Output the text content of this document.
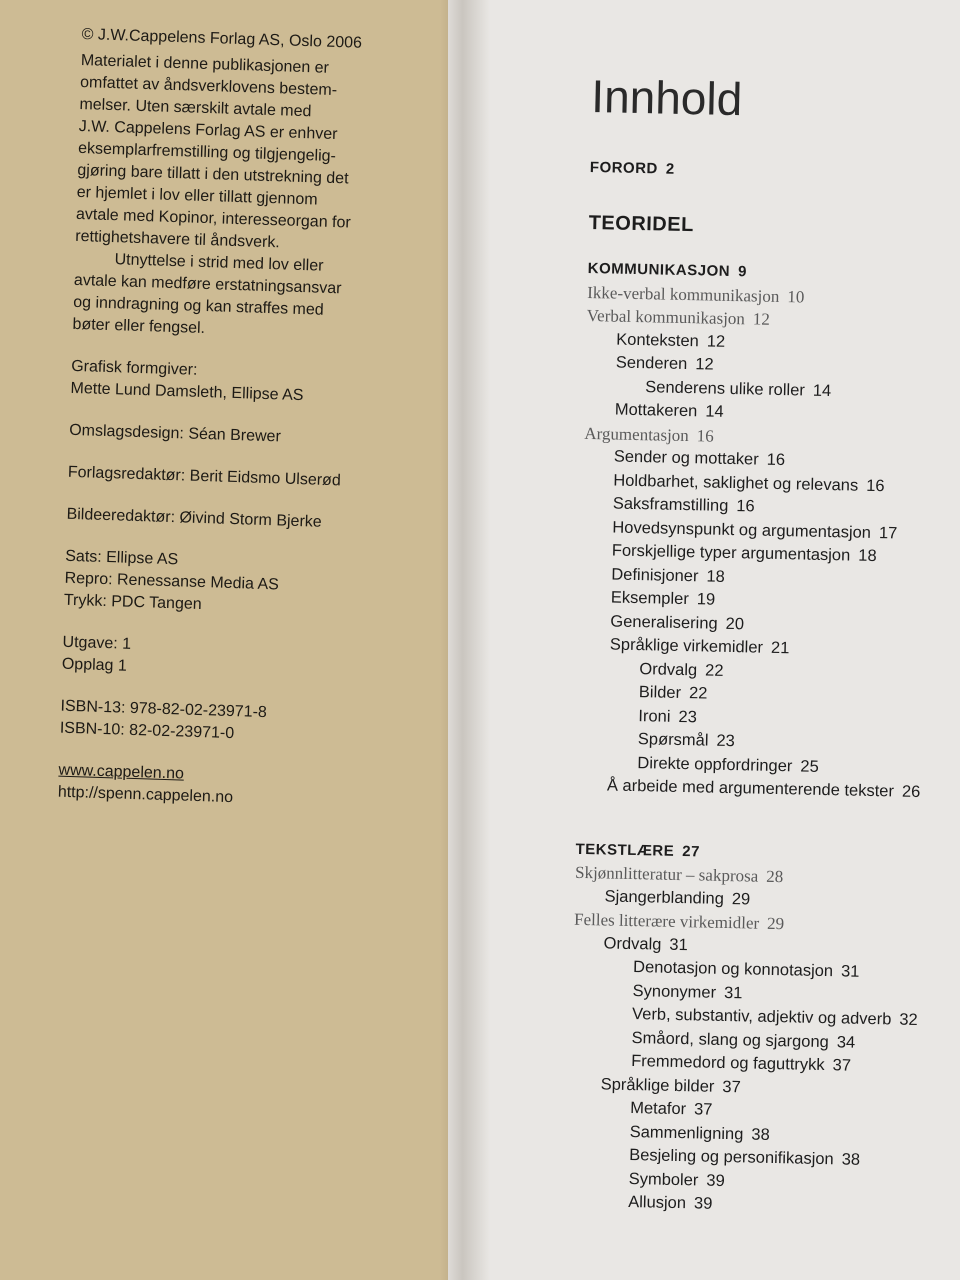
© J.W.Cappelens Forlag AS, Oslo 2006

Materialet i denne publikasjonen er

omfattet av åndsverklovens bestem-

melser. Uten særskilt avtale med

J.W. Cappelens Forlag AS er enhver

eksemplarfremstilling og tilgjengelig-

gjøring bare tillatt i den utstrekning det

er hjemlet i lov eller tillatt gjennom

avtale med Kopinor, interesseorgan for

rettighetshavere til åndsverk.

Utnyttelse i strid med lov eller

avtale kan medføre erstatningsansvar

og inndragning og kan straffes med

bøter eller fengsel.

Grafisk formgiver:

Mette Lund Damsleth, Ellipse AS

Omslagsdesign: Séan Brewer

Forlagsredaktør: Berit Eidsmo Ulserød

Bildeeredaktør: Øivind Storm Bjerke

Sats: Ellipse AS

Repro: Renessanse Media AS

Trykk: PDC Tangen

Utgave: 1

Opplag 1

ISBN-13: 978-82-02-23971-8

ISBN-10: 82-02-23971-0

www.cappelen.no

http://spenn.cappelen.no

Innhold
FORORD 2
TEORIDEL
KOMMUNIKASJON 9
Ikke-verbal kommunikasjon 10
Verbal kommunikasjon 12
Konteksten 12
Senderen 12
Senderens ulike roller 14
Mottakeren 14
Argumentasjon 16
Sender og mottaker 16
Holdbarhet, saklighet og relevans 16
Saksframstilling 16
Hovedsynspunkt og argumentasjon 17
Forskjellige typer argumentasjon 18
Definisjoner 18
Eksempler 19
Generalisering 20
Språklige virkemidler 21
Ordvalg 22
Bilder 22
Ironi 23
Spørsmål 23
Direkte oppfordringer 25
Å arbeide med argumenterende tekster 26
TEKSTLÆRE 27
Skjønnlitteratur – sakprosa 28
Sjangerblanding 29
Felles litterære virkemidler 29
Ordvalg 31
Denotasjon og konnotasjon 31
Synonymer 31
Verb, substantiv, adjektiv og adverb 32
Småord, slang og sjargong 34
Fremmedord og faguttrykk 37
Språklige bilder 37
Metafor 37
Sammenligning 38
Besjeling og personifikasjon 38
Symboler 39
Allusjon 39
